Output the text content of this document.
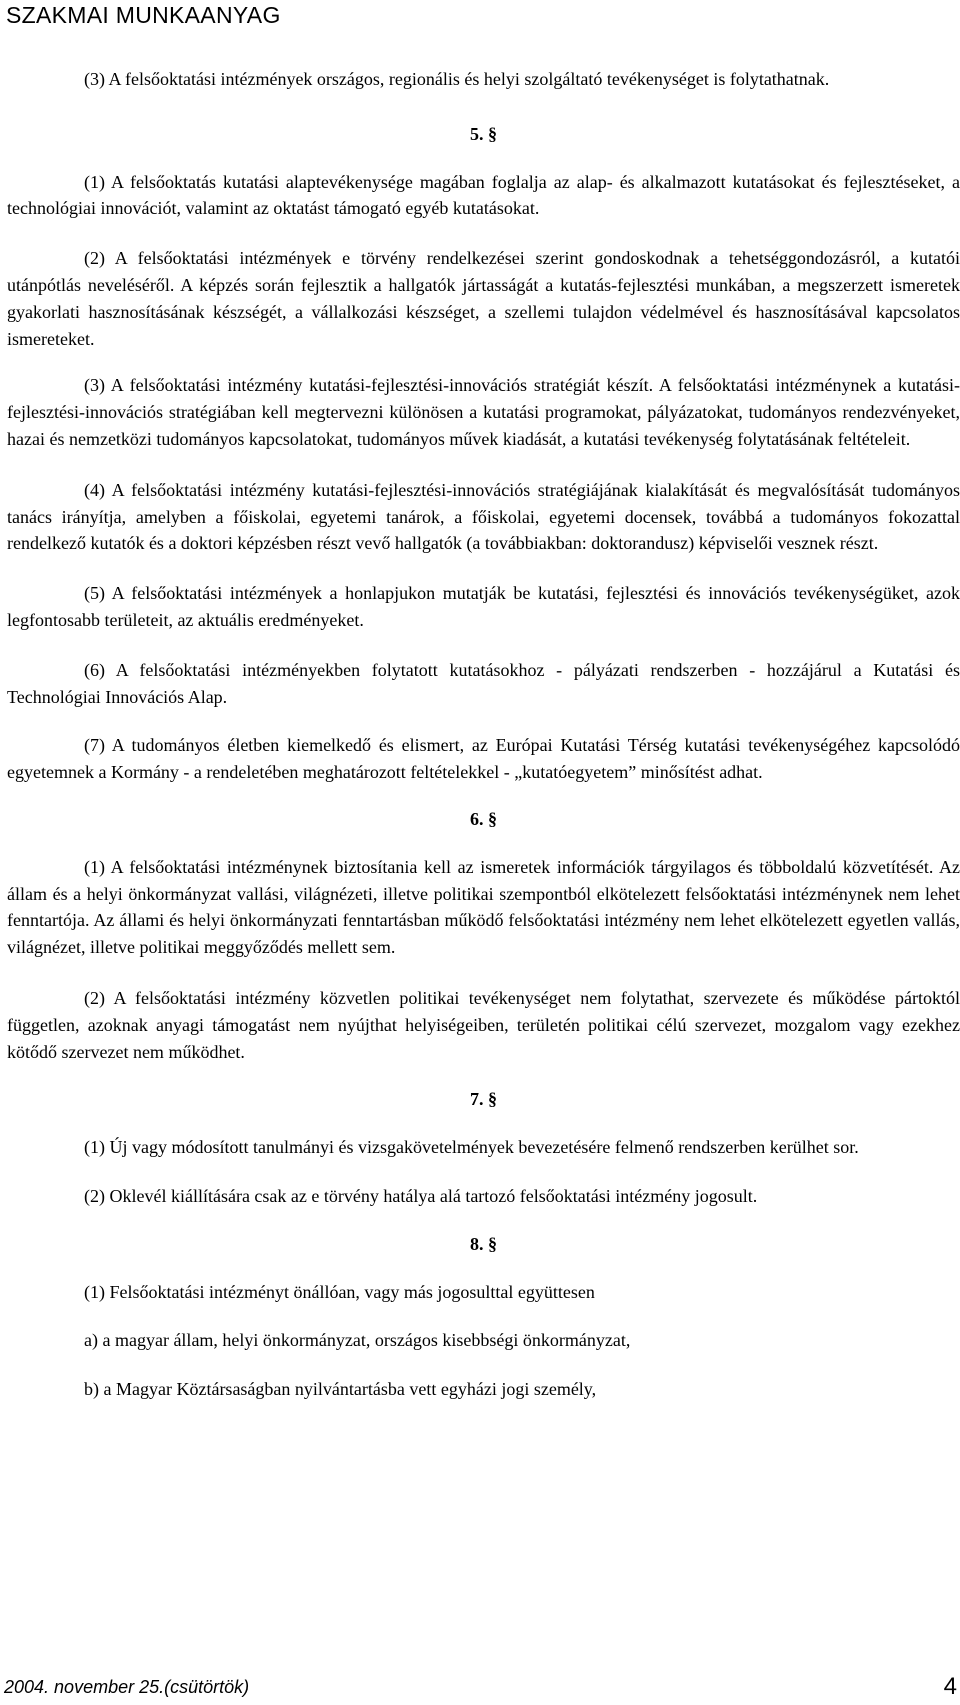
SZAKMAI MUNKAANYAG

(3) A felsőoktatási intézmények országos, regionális és helyi szolgáltató tevékenységet is folytathatnak.

5. §

(1) A felsőoktatás kutatási alaptevékenysége magában foglalja az alap- és alkalmazott kutatásokat és fejlesztéseket, a technológiai innovációt, valamint az oktatást támogató egyéb kutatásokat.

(2) A felsőoktatási intézmények e törvény rendelkezései szerint gondoskodnak a tehetséggondozásról, a kutatói utánpótlás neveléséről. A képzés során fejlesztik a hallgatók jártasságát a kutatás-fejlesztési munkában, a megszerzett ismeretek gyakorlati hasznosításának készségét, a vállalkozási készséget, a szellemi tulajdon védelmével és hasznosításával kapcsolatos ismereteket.

(3) A felsőoktatási intézmény kutatási-fejlesztési-innovációs stratégiát készít. A felsőoktatási intézménynek a kutatási-fejlesztési-innovációs stratégiában kell megtervezni különösen a kutatási programokat, pályázatokat, tudományos rendezvényeket, hazai és nemzetközi tudományos kapcsolatokat, tudományos művek kiadását, a kutatási tevékenység folytatásának feltételeit.

(4) A felsőoktatási intézmény kutatási-fejlesztési-innovációs stratégiájának kialakítását és megvalósítását tudományos tanács irányítja, amelyben a főiskolai, egyetemi tanárok, a főiskolai, egyetemi docensek, továbbá a tudományos fokozattal rendelkező kutatók és a doktori képzésben részt vevő hallgatók (a továbbiakban: doktorandusz) képviselői vesznek részt.

(5) A felsőoktatási intézmények a honlapjukon mutatják be kutatási, fejlesztési és innovációs tevékenységüket, azok legfontosabb területeit, az aktuális eredményeket.

(6) A felsőoktatási intézményekben folytatott kutatásokhoz - pályázati rendszerben - hozzájárul a Kutatási és Technológiai Innovációs Alap.

(7) A tudományos életben kiemelkedő és elismert, az Európai Kutatási Térség kutatási tevékenységéhez kapcsolódó egyetemnek a Kormány - a rendeletében meghatározott feltételekkel - „kutatóegyetem” minősítést adhat.

6. §

(1) A felsőoktatási intézménynek biztosítania kell az ismeretek információk tárgyilagos és többoldalú közvetítését. Az állam és a helyi önkormányzat vallási, világnézeti, illetve politikai szempontból elkötelezett felsőoktatási intézménynek nem lehet fenntartója. Az állami és helyi önkormányzati fenntartásban működő felsőoktatási intézmény nem lehet elkötelezett egyetlen vallás, világnézet, illetve politikai meggyőződés mellett sem.

(2) A felsőoktatási intézmény közvetlen politikai tevékenységet nem folytathat, szervezete és működése pártoktól független, azoknak anyagi támogatást nem nyújthat helyiségeiben, területén politikai célú szervezet, mozgalom vagy ezekhez kötődő szervezet nem működhet.

7. §

(1) Új vagy módosított tanulmányi és vizsgakövetelmények bevezetésére felmenő rendszerben kerülhet sor.

(2) Oklevél kiállítására csak az e törvény hatálya alá tartozó felsőoktatási intézmény jogosult.

8. §

(1) Felsőoktatási intézményt önállóan, vagy más jogosulttal együttesen

a) a magyar állam, helyi önkormányzat, országos kisebbségi önkormányzat,

b) a Magyar Köztársaságban nyilvántartásba vett egyházi jogi személy,

2004. november 25.(csütörtök)	4
